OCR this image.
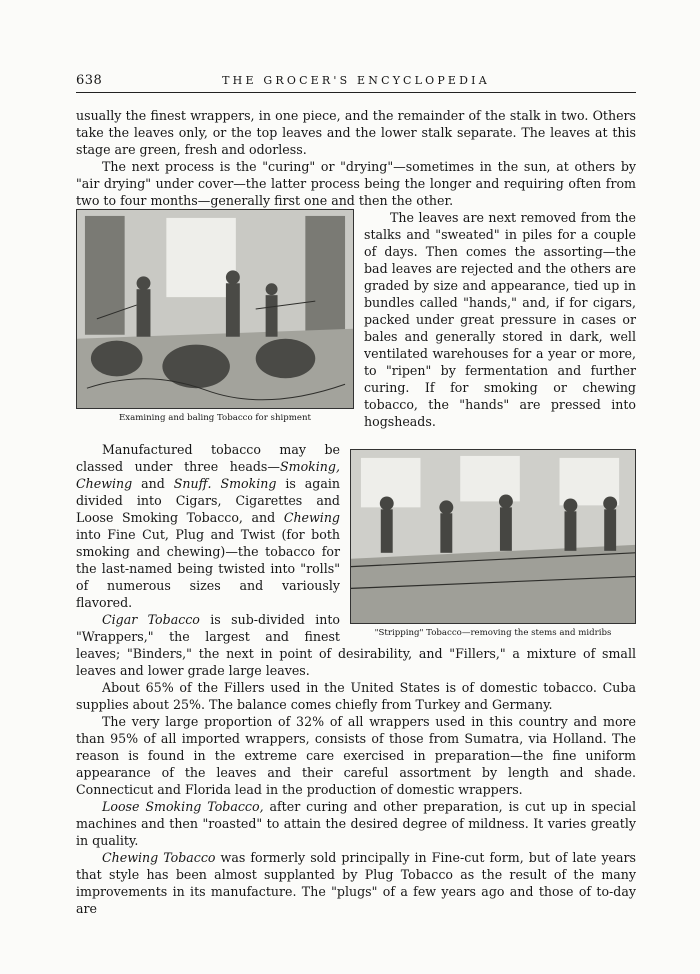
638	THE GROCER'S ENCYCLOPEDIA

usually the finest wrappers, in one piece, and the remainder of the stalk in two. Others take the leaves only, or the top leaves and the lower stalk separate. The leaves at this stage are green, fresh and odorless.

The next process is the "curing" or "drying"—sometimes in the sun, at others by "air drying" under cover—the latter process being the longer and requiring often from two to four months—generally first one and then the other.

Examining and baling Tobacco for shipment

The leaves are next removed from the stalks and "sweated" in piles for a couple of days. Then comes the assorting—the bad leaves are rejected and the others are graded by size and appearance, tied up in bundles called "hands," and, if for cigars, packed under great pressure in cases or bales and generally stored in dark, well ventilated warehouses for a year or more, to "ripen" by fermentation and further curing. If for smoking or chewing tobacco, the "hands" are pressed into hogsheads.

"Stripping" Tobacco—removing the stems and midribs

Manufactured tobacco may be classed under three heads—Smoking, Chewing and Snuff. Smoking is again divided into Cigars, Cigarettes and Loose Smoking Tobacco, and Chewing into Fine Cut, Plug and Twist (for both smoking and chewing)—the tobacco for the last-named being twisted into "rolls" of numerous sizes and variously flavored.

Cigar Tobacco is sub-divided into "Wrappers," the largest and finest leaves; "Binders," the next in point of desirability, and "Fillers," a mixture of small leaves and lower grade large leaves.

About 65% of the Fillers used in the United States is of domestic tobacco. Cuba supplies about 25%. The balance comes chiefly from Turkey and Germany.

The very large proportion of 32% of all wrappers used in this country and more than 95% of all imported wrappers, consists of those from Sumatra, via Holland. The reason is found in the extreme care exercised in preparation—the fine uniform appearance of the leaves and their careful assortment by length and shade. Connecticut and Florida lead in the production of domestic wrappers.

Loose Smoking Tobacco, after curing and other preparation, is cut up in special machines and then "roasted" to attain the desired degree of mildness. It varies greatly in quality.

Chewing Tobacco was formerly sold principally in Fine-cut form, but of late years that style has been almost supplanted by Plug Tobacco as the result of the many improvements in its manufacture. The "plugs" of a few years ago and those of to-day are
